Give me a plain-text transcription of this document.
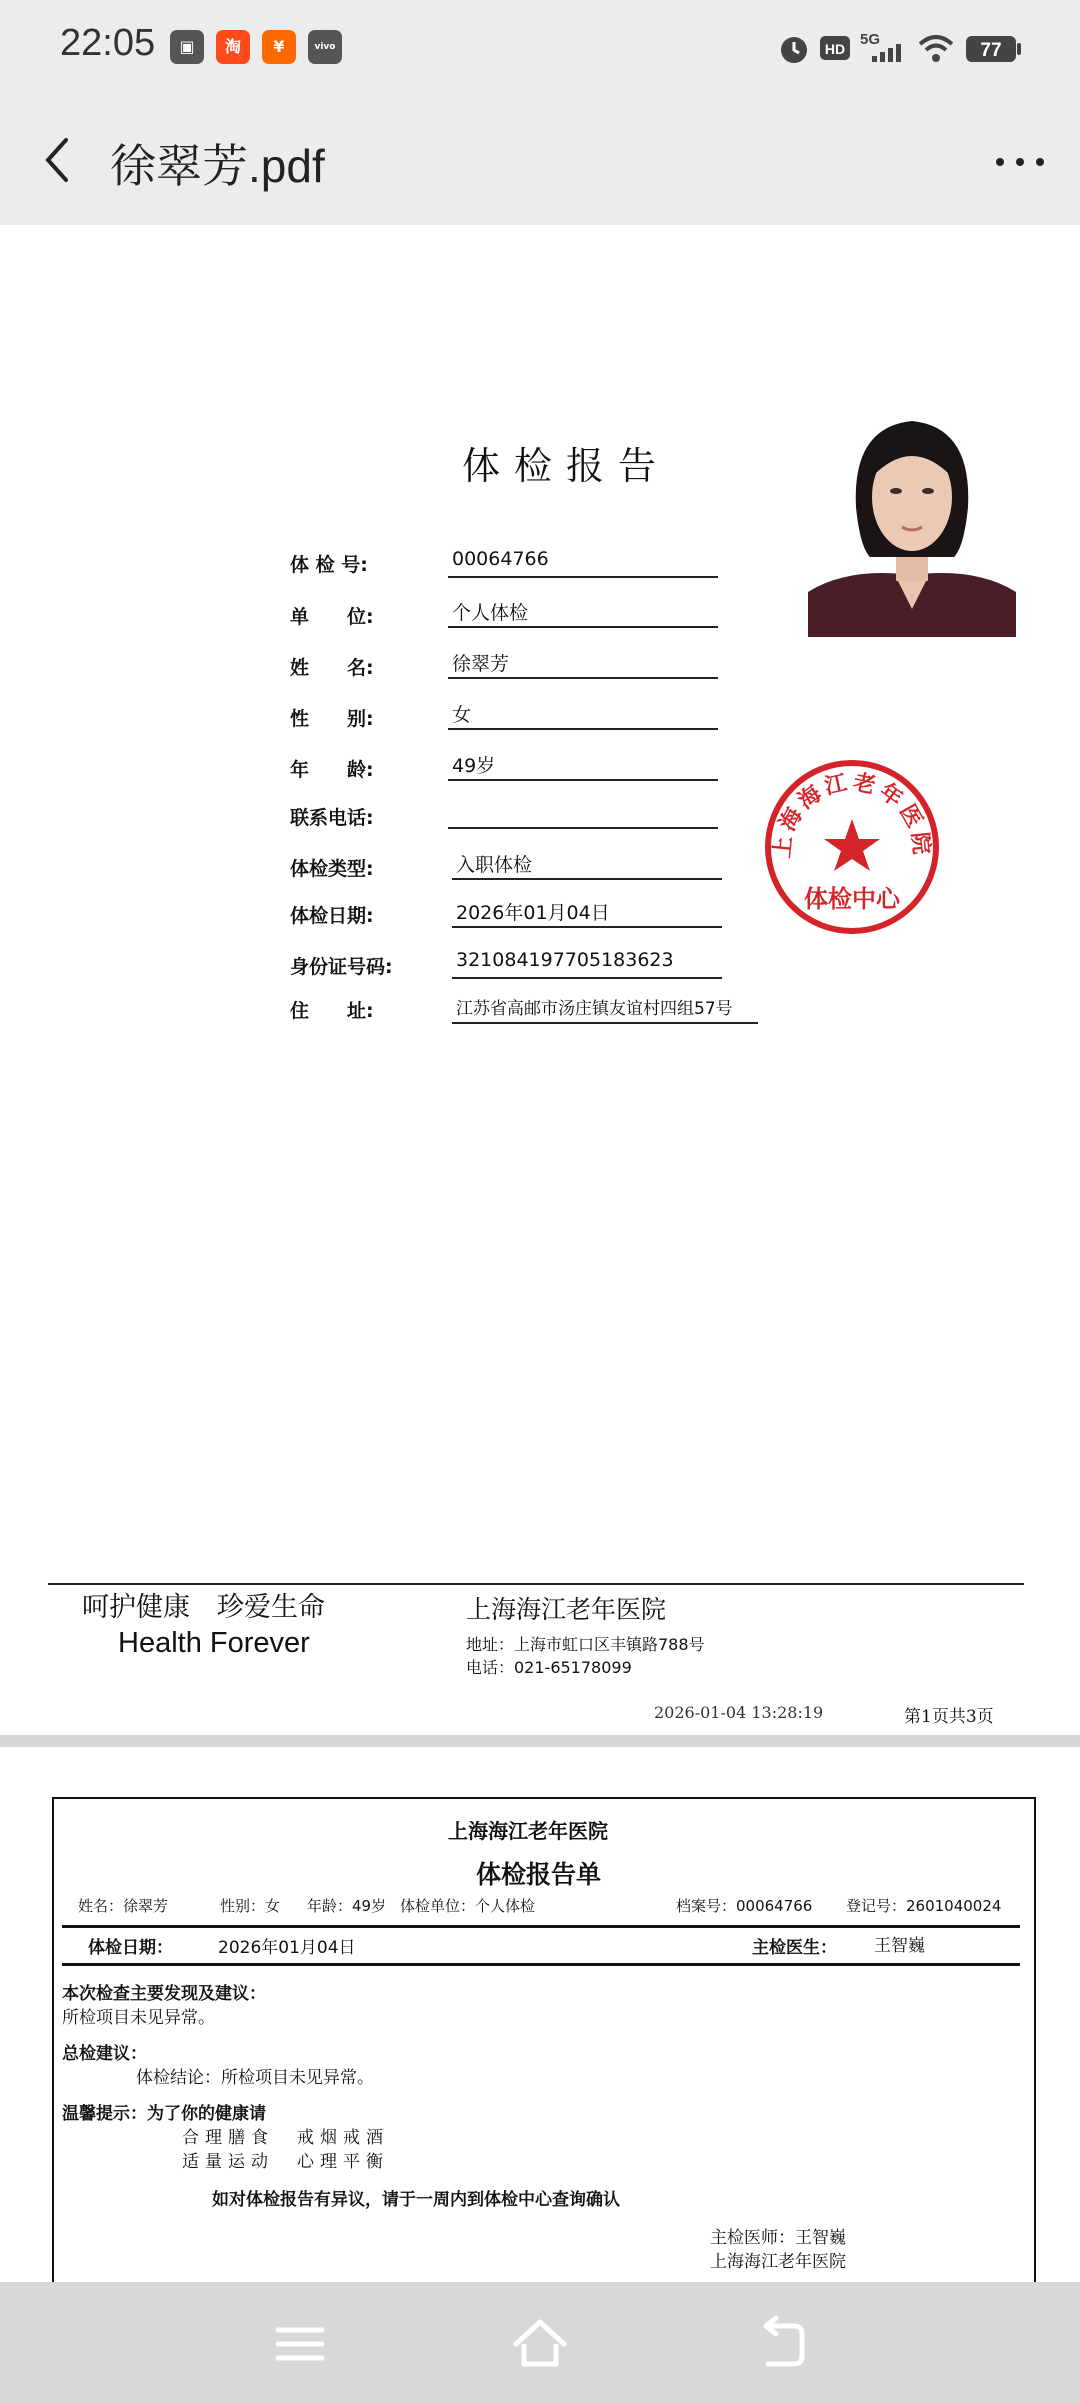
22:05	▣	淘	¥	vivo	HD
5G
77
徐翠芳.pdf
体检报告
体 检 号:	00064766
单　　位:	个人体检
姓　　名:	徐翠芳
性　　别:	女
年　　龄:	49岁
联系电话:
体检类型:	入职体检
体检日期:	2026年01月04日
身份证号码:	321084197705183623
住　　址:	江苏省高邮市汤庄镇友谊村四组57号
上海海江老年医院
体检中心
呵护健康　珍爱生命
Health Forever
上海海江老年医院
地址：上海市虹口区丰镇路788号
电话：021-65178099
2026-01-04 13:28:19	第1页共3页
上海海江老年医院
体检报告单
姓名：徐翠芳	性别：女 年龄：49岁 体检单位：个人体检	档案号：00064766 登记号：2601040024
体检日期：	2026年01月04日	主检医生： 王智巍
本次检查主要发现及建议：
所检项目未见异常。
总检建议：
体检结论：所检项目未见异常。
温馨提示：为了你的健康请
合理膳食　戒烟戒酒
适量运动　心理平衡
如对体检报告有异议，请于一周内到体检中心查询确认
主检医师：王智巍
上海海江老年医院
